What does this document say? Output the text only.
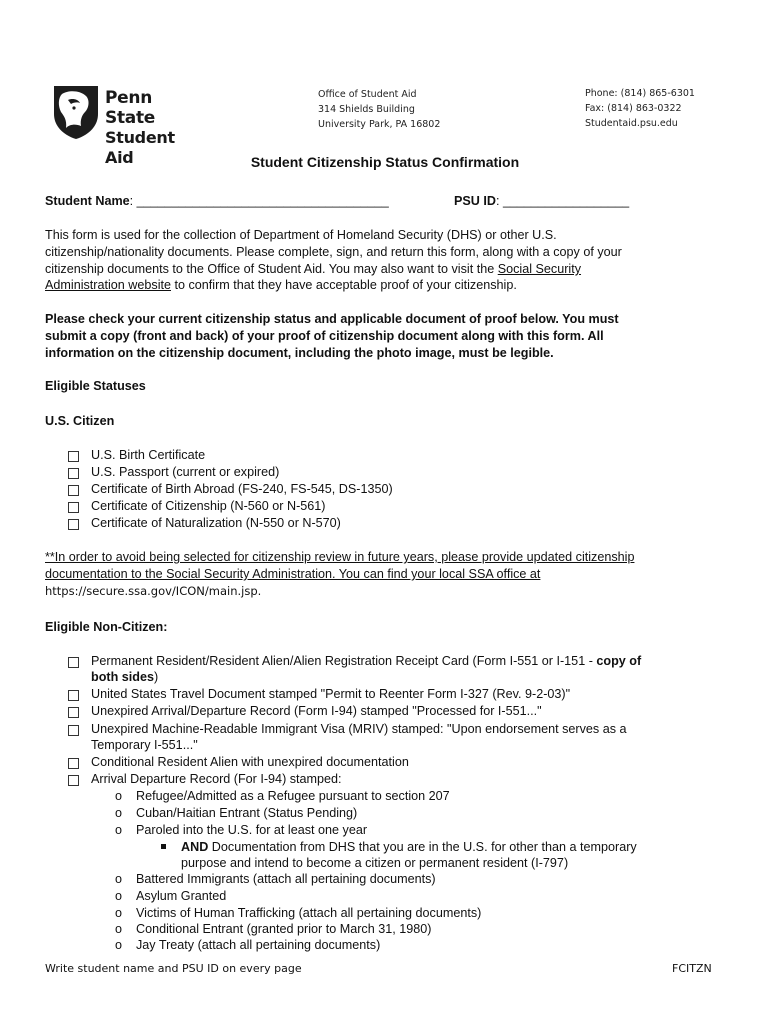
Penn State
Student Aid
Office of Student Aid
314 Shields Building
University Park, PA 16802
Phone: (814) 865-6301
Fax: (814) 863-0322
Studentaid.psu.edu
Student Citizenship Status Confirmation
Student Name: ____________________________________	PSU ID: __________________
This form is used for the collection of Department of Homeland Security (DHS) or other U.S.
citizenship/nationality documents. Please complete, sign, and return this form, along with a copy of your
citizenship documents to the Office of Student Aid. You may also want to visit the Social Security
Administration website to confirm that they have acceptable proof of your citizenship.
Please check your current citizenship status and applicable document of proof below. You must
submit a copy (front and back) of your proof of citizenship document along with this form. All
information on the citizenship document, including the photo image, must be legible.
Eligible Statuses
U.S. Citizen
U.S. Birth Certificate
U.S. Passport (current or expired)
Certificate of Birth Abroad (FS-240, FS-545, DS-1350)
Certificate of Citizenship (N-560 or N-561)
Certificate of Naturalization (N-550 or N-570)
**In order to avoid being selected for citizenship review in future years, please provide updated citizenship
documentation to the Social Security Administration. You can find your local SSA office at
https://secure.ssa.gov/ICON/main.jsp.
Eligible Non-Citizen:
Permanent Resident/Resident Alien/Alien Registration Receipt Card (Form I-551 or I-151 - copy of
both sides)
United States Travel Document stamped "Permit to Reenter Form I-327 (Rev. 9-2-03)"
Unexpired Arrival/Departure Record (Form I-94) stamped "Processed for I-551..."
Unexpired Machine-Readable Immigrant Visa (MRIV) stamped: "Upon endorsement serves as a
Temporary I-551..."
Conditional Resident Alien with unexpired documentation
Arrival Departure Record (For I-94) stamped:
o Refugee/Admitted as a Refugee pursuant to section 207
o Cuban/Haitian Entrant (Status Pending)
o Paroled into the U.S. for at least one year
AND Documentation from DHS that you are in the U.S. for other than a temporary
purpose and intend to become a citizen or permanent resident (I-797)
o Battered Immigrants (attach all pertaining documents)
o Asylum Granted
o Victims of Human Trafficking (attach all pertaining documents)
o Conditional Entrant (granted prior to March 31, 1980)
o Jay Treaty (attach all pertaining documents)
Write student name and PSU ID on every page	FCITZN
